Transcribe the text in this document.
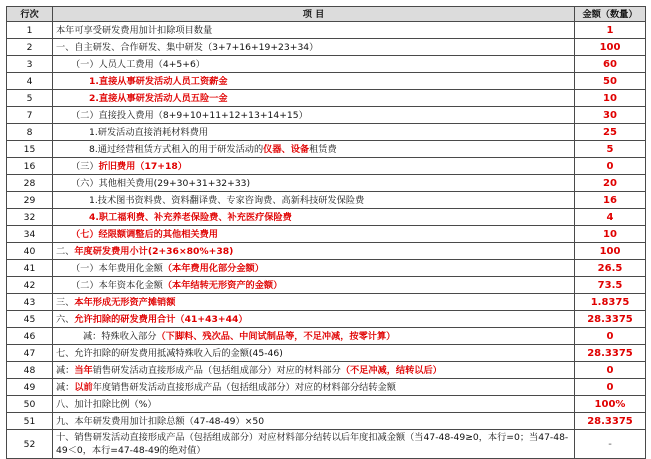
行次	项 目	金额（数量）
1	本年可享受研发费用加计扣除项目数量	1
2	一、自主研发、合作研发、集中研发（3+7+16+19+23+34）	100
3	（一）人员人工费用（4+5+6）	60
4	1.直接从事研发活动人员工资薪金	50
5	2.直接从事研发活动人员五险一金	10
7	（二）直接投入费用（8+9+10+11+12+13+14+15）	30
8	1.研发活动直接消耗材料费用	25
15	8.通过经营租赁方式租入的用于研发活动的仪器、设备租赁费	5
16	（三）折旧费用（17+18）	0
28	（六）其他相关费用(29+30+31+32+33)	20
29	1.技术图书资料费、资料翻译费、专家咨询费、高新科技研发保险费	16
32	4.职工福利费、补充养老保险费、补充医疗保险费	4
34	（七）经限额调整后的其他相关费用	10
40	二、年度研发费用小计(2+36×80%+38)	100
41	（一）本年费用化金额（本年费用化部分金额）	26.5
42	（二）本年资本化金额（本年结转无形资产的金额）	73.5
43	三、本年形成无形资产摊销额	1.8375
45	六、允许扣除的研发费用合计（41+43+44）	28.3375
46	减：特殊收入部分（下脚料、残次品、中间试制品等，不足冲减，按零计算）	0
47	七、允许扣除的研发费用抵减特殊收入后的金额(45-46)	28.3375
48	减：当年销售研发活动直接形成产品（包括组成部分）对应的材料部分（不足冲减，结转以后）	0
49	减：以前年度销售研发活动直接形成产品（包括组成部分）对应的材料部分结转金额	0
50	八、加计扣除比例（%）	100%
51	九、本年研发费用加计扣除总额（47-48-49）×50	28.3375
52	十、销售研发活动直接形成产品（包括组成部分）对应材料部分结转以后年度扣减金额（当47-48-49≥0，本行=0；当47-48-49＜0，本行=47-48-49的绝对值）	-
